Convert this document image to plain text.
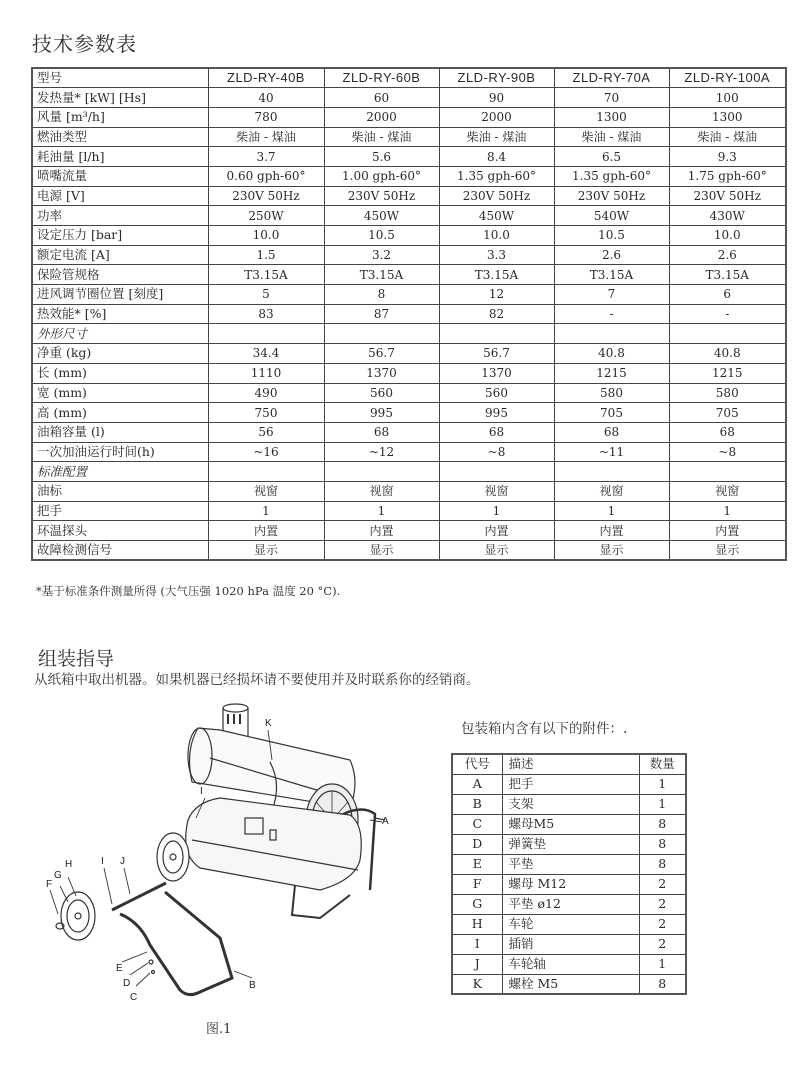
技术参数表
型号	ZLD-RY-40B	ZLD-RY-60B	ZLD-RY-90B	ZLD-RY-70A	ZLD-RY-100A
发热量* [kW] [Hs]	40	60	90	70	100
风量 [m³/h]	780	2000	2000	1300	1300
燃油类型	柴油 - 煤油	柴油 - 煤油	柴油 - 煤油	柴油 - 煤油	柴油 - 煤油
耗油量 [l/h]	3.7	5.6	8.4	6.5	9.3
喷嘴流量	0.60 gph-60°	1.00 gph-60°	1.35 gph-60°	1.35 gph-60°	1.75 gph-60°
电源 [V]	230V 50Hz	230V 50Hz	230V 50Hz	230V 50Hz	230V 50Hz
功率	250W	450W	450W	540W	430W
设定压力 [bar]	10.0	10.5	10.0	10.5	10.0
额定电流 [A]	1.5	3.2	3.3	2.6	2.6
保险管规格	T3.15A	T3.15A	T3.15A	T3.15A	T3.15A
进风调节圈位置 [刻度]	5	8	12	7	6
热效能* [%]	83	87	82	-	-
外形尺寸					
净重 (kg)	34.4	56.7	56.7	40.8	40.8
长 (mm)	1110	1370	1370	1215	1215
宽 (mm)	490	560	560	580	580
高 (mm)	750	995	995	705	705
油箱容量 (l)	56	68	68	68	68
一次加油运行时间(h)	~16	~12	~8	~11	~8
标准配置					
油标	视窗	视窗	视窗	视窗	视窗
把手	1	1	1	1	1
环温探头	内置	内置	内置	内置	内置
故障检测信号	显示	显示	显示	显示	显示
*基于标准条件测量所得 (大气压强 1020 hPa 温度 20 °C).
组装指导
从纸箱中取出机器。如果机器已经损坏请不要使用并及时联系你的经销商。
K
I
A
B
C
D
E
F
G
H	I J
图.1
包装箱内含有以下的附件：.
代号	描述	数量
A	把手	1
B	支架	1
C	螺母M5	8
D	弹簧垫	8
E	平垫	8
F	螺母 M12	2
G	平垫 ø12	2
H	车轮	2
I	插销	2
J	车轮轴	1
K	螺栓 M5	8
